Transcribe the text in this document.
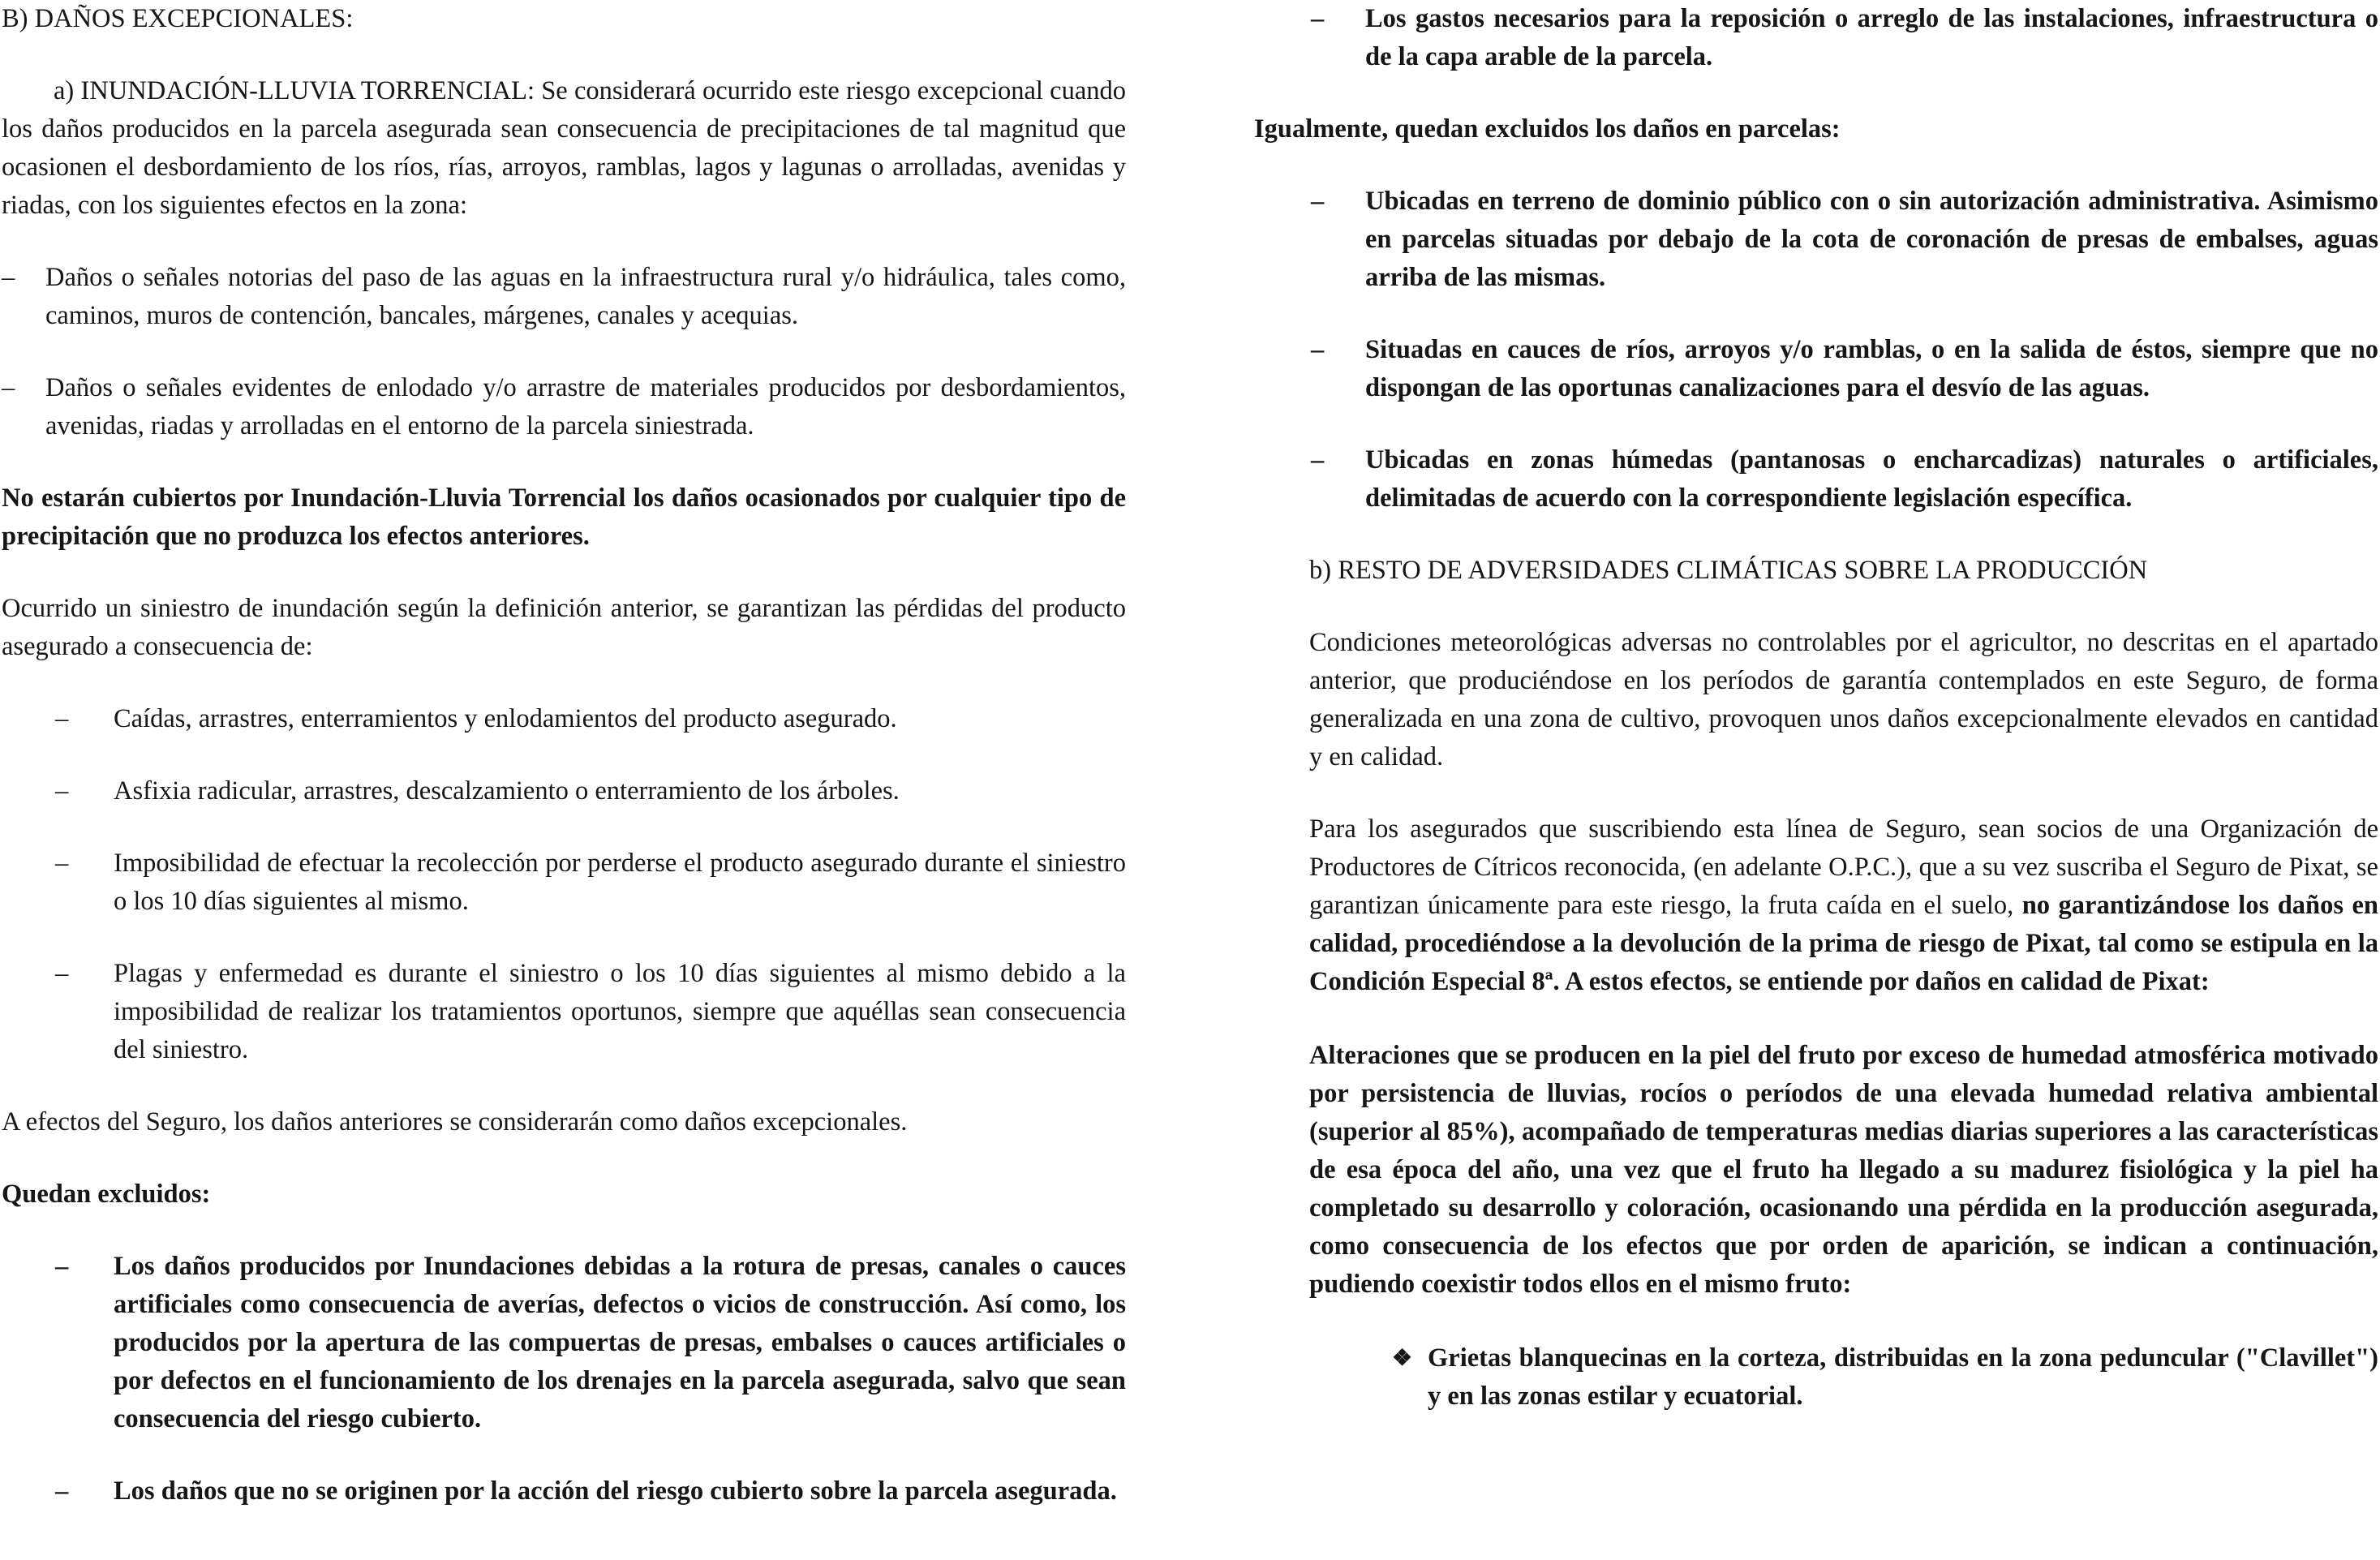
B) DAÑOS EXCEPCIONALES:

a) INUNDACIÓN-LLUVIA TORRENCIAL: Se considerará ocurrido este riesgo excepcional cuando los daños producidos en la parcela asegurada sean consecuencia de precipitaciones de tal magnitud que ocasionen el desbordamiento de los ríos, rías, arroyos, ramblas, lagos y lagunas o arrolladas, avenidas y riadas, con los siguientes efectos en la zona:

– Daños o señales notorias del paso de las aguas en la infraestructura rural y/o hidráulica, tales como, caminos, muros de contención, bancales, márgenes, canales y acequias.

– Daños o señales evidentes de enlodado y/o arrastre de materiales producidos por desbordamientos, avenidas, riadas y arrolladas en el entorno de la parcela siniestrada.

No estarán cubiertos por Inundación-Lluvia Torrencial los daños ocasionados por cualquier tipo de precipitación que no produzca los efectos anteriores.

Ocurrido un siniestro de inundación según la definición anterior, se garantizan las pérdidas del producto asegurado a consecuencia de:

– Caídas, arrastres, enterramientos y enlodamientos del producto asegurado.

– Asfixia radicular, arrastres, descalzamiento o enterramiento de los árboles.

– Imposibilidad de efectuar la recolección por perderse el producto asegurado durante el siniestro o los 10 días siguientes al mismo.

– Plagas y enfermedad es durante el siniestro o los 10 días siguientes al mismo debido a la imposibilidad de realizar los tratamientos oportunos, siempre que aquéllas sean consecuencia del siniestro.

A efectos del Seguro, los daños anteriores se considerarán como daños excepcionales.

Quedan excluidos:

– Los daños producidos por Inundaciones debidas a la rotura de presas, canales o cauces artificiales como consecuencia de averías, defectos o vicios de construcción. Así como, los producidos por la apertura de las compuertas de presas, embalses o cauces artificiales o por defectos en el funcionamiento de los drenajes en la parcela asegurada, salvo que sean consecuencia del riesgo cubierto.

– Los daños que no se originen por la acción del riesgo cubierto sobre la parcela asegurada.

– Los gastos necesarios para la reposición o arreglo de las instalaciones, infraestructura o de la capa arable de la parcela.

Igualmente, quedan excluidos los daños en parcelas:

– Ubicadas en terreno de dominio público con o sin autorización administrativa. Asimismo en parcelas situadas por debajo de la cota de coronación de presas de embalses, aguas arriba de las mismas.

– Situadas en cauces de ríos, arroyos y/o ramblas, o en la salida de éstos, siempre que no dispongan de las oportunas canalizaciones para el desvío de las aguas.

– Ubicadas en zonas húmedas (pantanosas o encharcadizas) naturales o artificiales, delimitadas de acuerdo con la correspondiente legislación específica.

b) RESTO DE ADVERSIDADES CLIMÁTICAS SOBRE LA PRODUCCIÓN

Condiciones meteorológicas adversas no controlables por el agricultor, no descritas en el apartado anterior, que produciéndose en los períodos de garantía contemplados en este Seguro, de forma generalizada en una zona de cultivo, provoquen unos daños excepcionalmente elevados en cantidad y en calidad.

Para los asegurados que suscribiendo esta línea de Seguro, sean socios de una Organización de Productores de Cítricos reconocida, (en adelante O.P.C.), que a su vez suscriba el Seguro de Pixat, se garantizan únicamente para este riesgo, la fruta caída en el suelo, no garantizándose los daños en calidad, procediéndose a la devolución de la prima de riesgo de Pixat, tal como se estipula en la Condición Especial 8ª. A estos efectos, se entiende por daños en calidad de Pixat:

Alteraciones que se producen en la piel del fruto por exceso de humedad atmosférica motivado por persistencia de lluvias, rocíos o períodos de una elevada humedad relativa ambiental (superior al 85%), acompañado de temperaturas medias diarias superiores a las características de esa época del año, una vez que el fruto ha llegado a su madurez fisiológica y la piel ha completado su desarrollo y coloración, ocasionando una pérdida en la producción asegurada, como consecuencia de los efectos que por orden de aparición, se indican a continuación, pudiendo coexistir todos ellos en el mismo fruto:

❖ Grietas blanquecinas en la corteza, distribuidas en la zona peduncular ("Clavillet") y en las zonas estilar y ecuatorial.
